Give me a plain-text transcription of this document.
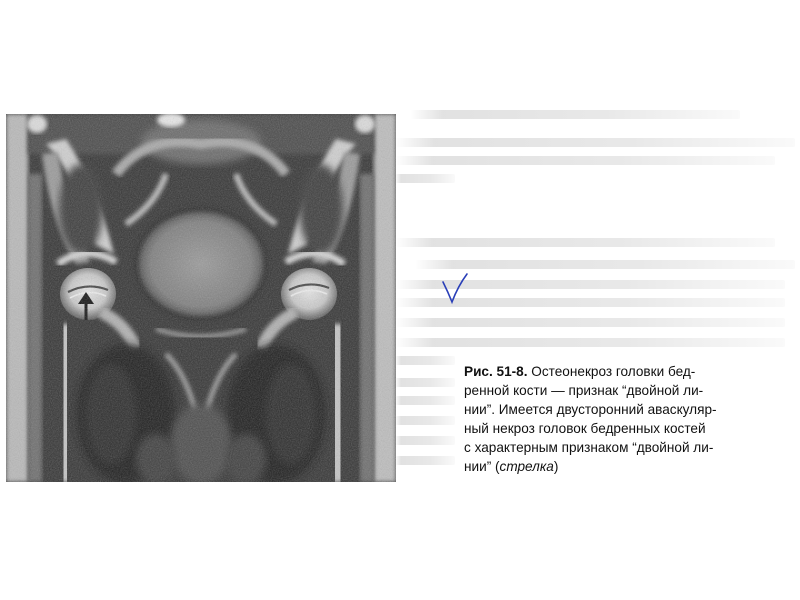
Рис. 51-8. Остеонекроз головки бед-
ренной кости — признак “двойной ли-
нии”. Имеется двусторонний аваскуляр-
ный некроз головок бедренных костей
с характерным признаком “двойной ли-
нии” (стрелка)
